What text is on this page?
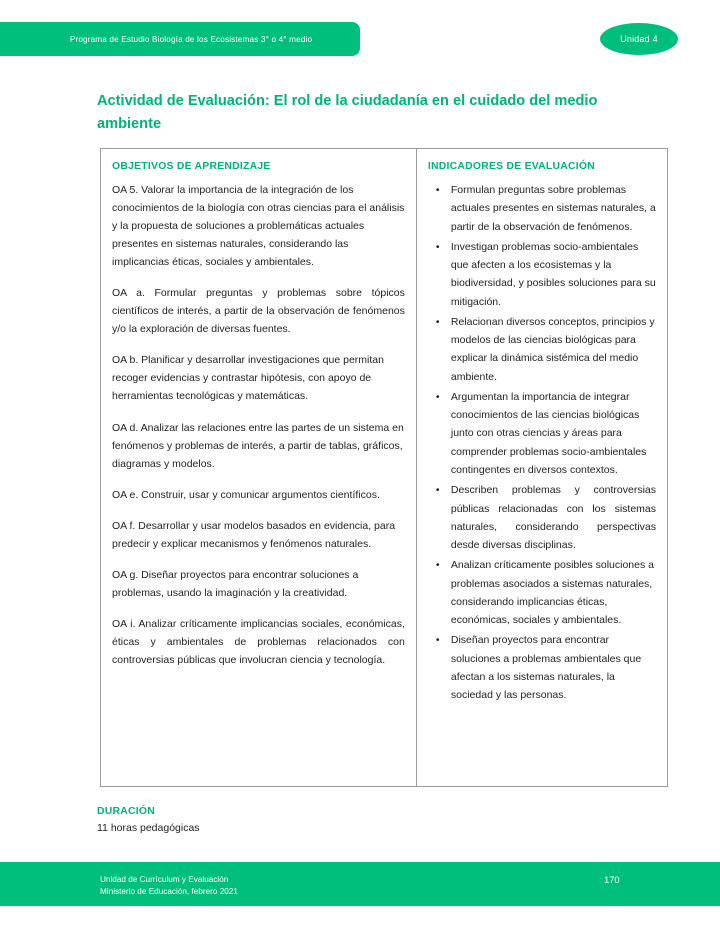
Programa de Estudio Biología de los Ecosistemas 3° o 4° medio	Unidad 4
Actividad de Evaluación: El rol de la ciudadanía en el cuidado del medio ambiente
OBJETIVOS DE APRENDIZAJE

OA 5. Valorar la importancia de la integración de los conocimientos de la biología con otras ciencias para el análisis y la propuesta de soluciones a problemáticas actuales presentes en sistemas naturales, considerando las implicancias éticas, sociales y ambientales.

OA a. Formular preguntas y problemas sobre tópicos científicos de interés, a partir de la observación de fenómenos y/o la exploración de diversas fuentes.

OA b. Planificar y desarrollar investigaciones que permitan recoger evidencias y contrastar hipótesis, con apoyo de herramientas tecnológicas y matemáticas.

OA d. Analizar las relaciones entre las partes de un sistema en fenómenos y problemas de interés, a partir de tablas, gráficos, diagramas y modelos.

OA e. Construir, usar y comunicar argumentos científicos.

OA f. Desarrollar y usar modelos basados en evidencia, para predecir y explicar mecanismos y fenómenos naturales.

OA g. Diseñar proyectos para encontrar soluciones a problemas, usando la imaginación y la creatividad.

OA i. Analizar críticamente implicancias sociales, económicas, éticas y ambientales de problemas relacionados con controversias públicas que involucran ciencia y tecnología.

INDICADORES DE EVALUACIÓN
• Formulan preguntas sobre problemas actuales presentes en sistemas naturales, a partir de la observación de fenómenos.
• Investigan problemas socio-ambientales que afecten a los ecosistemas y la biodiversidad, y posibles soluciones para su mitigación.
• Relacionan diversos conceptos, principios y modelos de las ciencias biológicas para explicar la dinámica sistémica del medio ambiente.
• Argumentan la importancia de integrar conocimientos de las ciencias biológicas junto con otras ciencias y áreas para comprender problemas socio-ambientales contingentes en diversos contextos.
• Describen problemas y controversias públicas relacionadas con los sistemas naturales, considerando perspectivas desde diversas disciplinas.
• Analizan críticamente posibles soluciones a problemas asociados a sistemas naturales, considerando implicancias éticas, económicas, sociales y ambientales.
• Diseñan proyectos para encontrar soluciones a problemas ambientales que afectan a los sistemas naturales, la sociedad y las personas.
DURACIÓN
11 horas pedagógicas
Unidad de Currículum y Evaluación
Ministerio de Educación, febrero 2021
170
